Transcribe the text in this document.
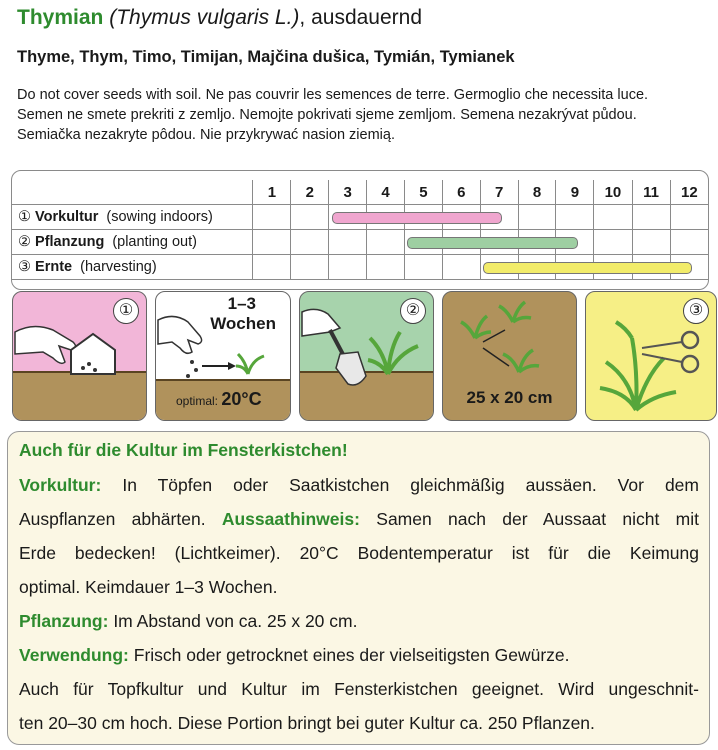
Thymian (Thymus vulgaris L.), ausdauernd
Thyme, Thym, Timo, Timijan, Majčina dušica, Tymián, Tymianek
Do not cover seeds with soil. Ne pas couvrir les semences de terre. Germoglio che necessita luce.
Semen ne smete prekriti z zemljo. Nemojte pokrivati sjeme zemljom. Semena nezakrývat půdou.
Semiačka nezakryte pôdou. Nie przykrywać nasion ziemią.
	1	2	3	4	5	6	7	8	9	10	11	12
① Vorkultur (sowing indoors)												
② Pflanzung (planting out)												
③ Ernte (harvesting)												
①	1–3
Wochen
optimal: 20°C
②
25 x 20 cm
③
Auch für die Kultur im Fensterkistchen!
Vorkultur: In Töpfen oder Saatkistchen gleichmäßig aussäen. Vor dem
Auspflanzen abhärten. Aussaathinweis: Samen nach der Aussaat nicht mit
Erde bedecken! (Lichtkeimer). 20°C Bodentemperatur ist für die Keimung
optimal. Keimdauer 1–3 Wochen.
Pflanzung: Im Abstand von ca. 25 x 20 cm.
Verwendung: Frisch oder getrocknet eines der vielseitigsten Gewürze.
Auch für Topfkultur und Kultur im Fensterkistchen geeignet. Wird ungeschnit-
ten 20–30 cm hoch. Diese Portion bringt bei guter Kultur ca. 250 Pflanzen.
